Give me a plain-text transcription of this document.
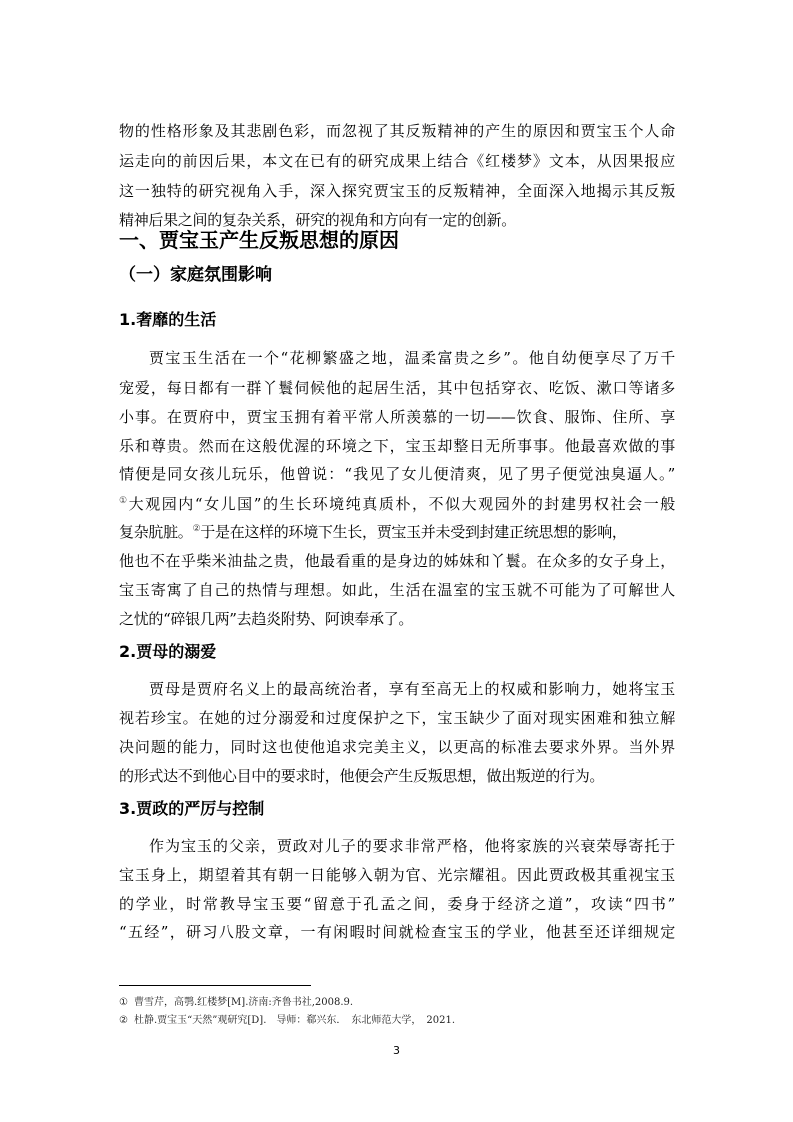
物的性格形象及其悲剧色彩，而忽视了其反叛精神的产生的原因和贾宝玉个人命
运走向的前因后果，本文在已有的研究成果上结合《红楼梦》文本，从因果报应
这一独特的研究视角入手，深入探究贾宝玉的反叛精神，全面深入地揭示其反叛
精神后果之间的复杂关系，研究的视角和方向有一定的创新。
一、贾宝玉产生反叛思想的原因
（一）家庭氛围影响
1.奢靡的生活
贾宝玉生活在一个“花柳繁盛之地，温柔富贵之乡”。他自幼便享尽了万千
宠爱，每日都有一群丫鬟伺候他的起居生活，其中包括穿衣、吃饭、漱口等诸多
小事。在贾府中，贾宝玉拥有着平常人所羡慕的一切——饮食、服饰、住所、享
乐和尊贵。然而在这般优渥的环境之下，宝玉却整日无所事事。他最喜欢做的事
情便是同女孩儿玩乐，他曾说：“我见了女儿便清爽，见了男子便觉浊臭逼人。”
①大观园内“女儿国”的生长环境纯真质朴，不似大观园外的封建男权社会一般
复杂肮脏。②于是在这样的环境下生长，贾宝玉并未受到封建正统思想的影响，
他也不在乎柴米油盐之贵，他最看重的是身边的姊妹和丫鬟。在众多的女子身上，
宝玉寄寓了自己的热情与理想。如此，生活在温室的宝玉就不可能为了可解世人
之忧的“碎银几两”去趋炎附势、阿谀奉承了。
2.贾母的溺爱
贾母是贾府名义上的最高统治者，享有至高无上的权威和影响力，她将宝玉
视若珍宝。在她的过分溺爱和过度保护之下，宝玉缺少了面对现实困难和独立解
决问题的能力，同时这也使他追求完美主义，以更高的标准去要求外界。当外界
的形式达不到他心目中的要求时，他便会产生反叛思想，做出叛逆的行为。
3.贾政的严厉与控制
作为宝玉的父亲，贾政对儿子的要求非常严格，他将家族的兴衰荣辱寄托于
宝玉身上，期望着其有朝一日能够入朝为官、光宗耀祖。因此贾政极其重视宝玉
的学业，时常教导宝玉要“留意于孔孟之间，委身于经济之道”，攻读“四书”
“五经”，研习八股文章，一有闲暇时间就检查宝玉的学业，他甚至还详细规定
① 曹雪芹，高鹗.红楼梦[M].济南:齐鲁书社,2008.9.
② 杜静.贾宝玉“天然”观研究[D].　导师：郗兴东．　东北师范大学，　2021.
3
